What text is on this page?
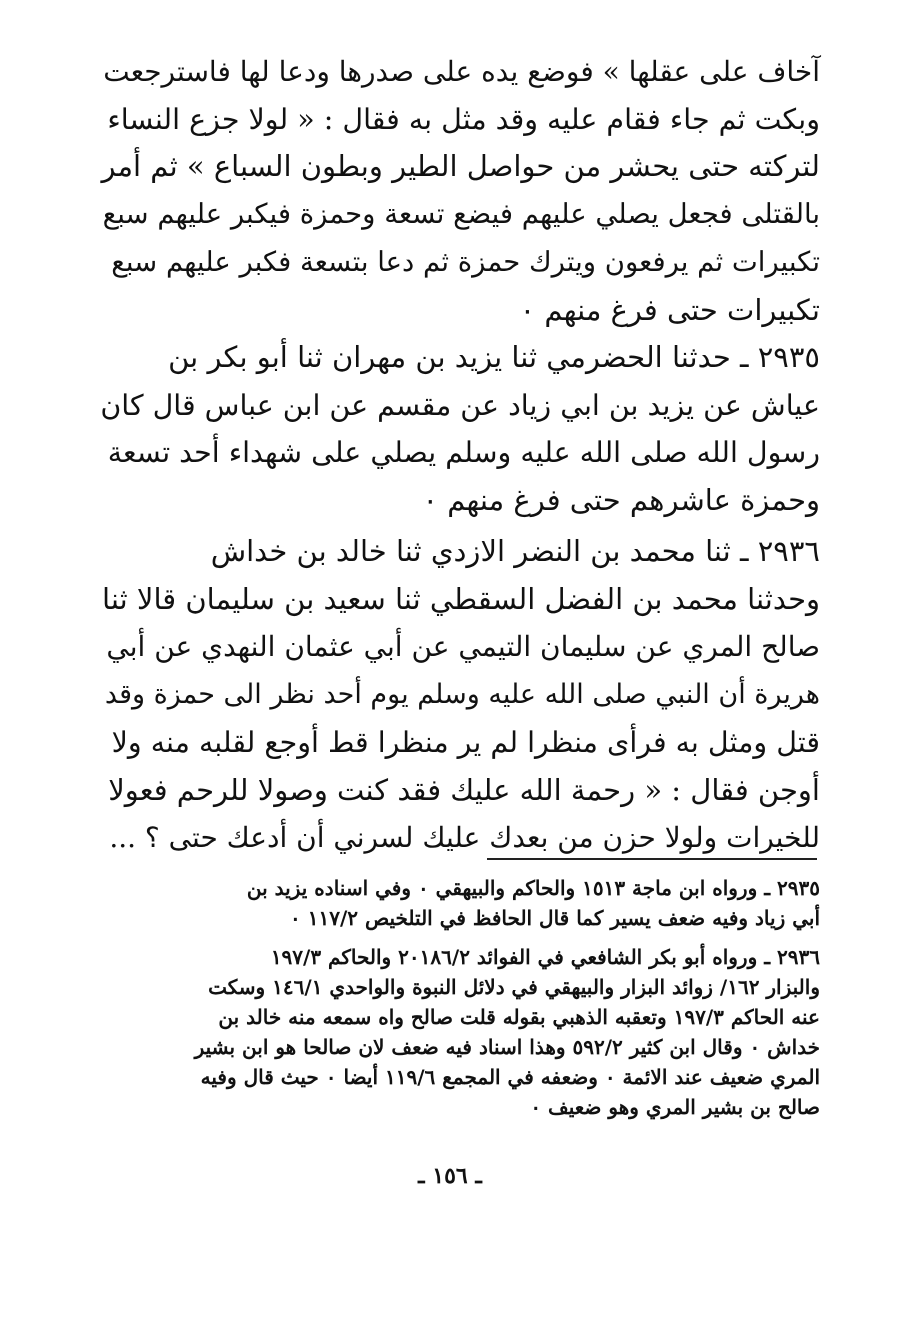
آخاف على عقلها » فوضع يده على صدرها ودعا لها فاسترجعت
وبكت ثم جاء فقام عليه وقد مثل به فقال : « لولا جزع النساء
لتركته حتى يحشر من حواصل الطير وبطون السباع » ثم أمر
بالقتلى فجعل يصلي عليهم فيضع تسعة وحمزة فيكبر عليهم سبع
تكبيرات ثم يرفعون ويترك حمزة ثم دعا بتسعة فكبر عليهم سبع
تكبيرات حتى فرغ منهم ٠
٢٩٣٥ ـ حدثنا الحضرمي ثنا يزيد بن مهران ثنا أبو بكر بن
عياش عن يزيد بن ابي زياد عن مقسم عن ابن عباس قال كان
رسول الله صلى الله عليه وسلم يصلي على شهداء أحد تسعة
وحمزة عاشرهم حتى فرغ منهم ٠
٢٩٣٦ ـ ثنا محمد بن النضر الازدي ثنا خالد بن خداش
وحدثنا محمد بن الفضل السقطي ثنا سعيد بن سليمان قالا ثنا
صالح المري عن سليمان التيمي عن أبي عثمان النهدي عن أبي
هريرة أن النبي صلى الله عليه وسلم يوم أحد نظر الى حمزة وقد
قتل ومثل به فرأى منظرا لم ير منظرا قط أوجع لقلبه منه ولا
أوجن فقال : « رحمة الله عليك فقد كنت وصولا للرحم فعولا
للخيرات ولولا حزن من بعدك عليك لسرني أن أدعك حتى ؟ ...
٢٩٣٥ ـ ورواه ابن ماجة ١٥١٣ والحاكم والبيهقي ٠ وفي اسناده يزيد بن
أبي زياد وفيه ضعف يسير كما قال الحافظ في التلخيص ١١٧/٢ ٠
٢٩٣٦ ـ ورواه أبو بكر الشافعي في الفوائد ٢٠١٨٦/٢ والحاكم ١٩٧/٣
والبزار ١٦٢/ زوائد البزار والبيهقي في دلائل النبوة والواحدي ١٤٦/١ وسكت
عنه الحاكم ١٩٧/٣ وتعقبه الذهبي بقوله قلت صالح واه سمعه منه خالد بن
خداش ٠ وقال ابن كثير ٥٩٢/٢ وهذا اسناد فيه ضعف لان صالحا هو ابن بشير
المري ضعيف عند الائمة ٠ وضعفه في المجمع ١١٩/٦ أيضا ٠ حيث قال وفيه
صالح بن بشير المري وهو ضعيف ٠
ـ ١٥٦ ـ
